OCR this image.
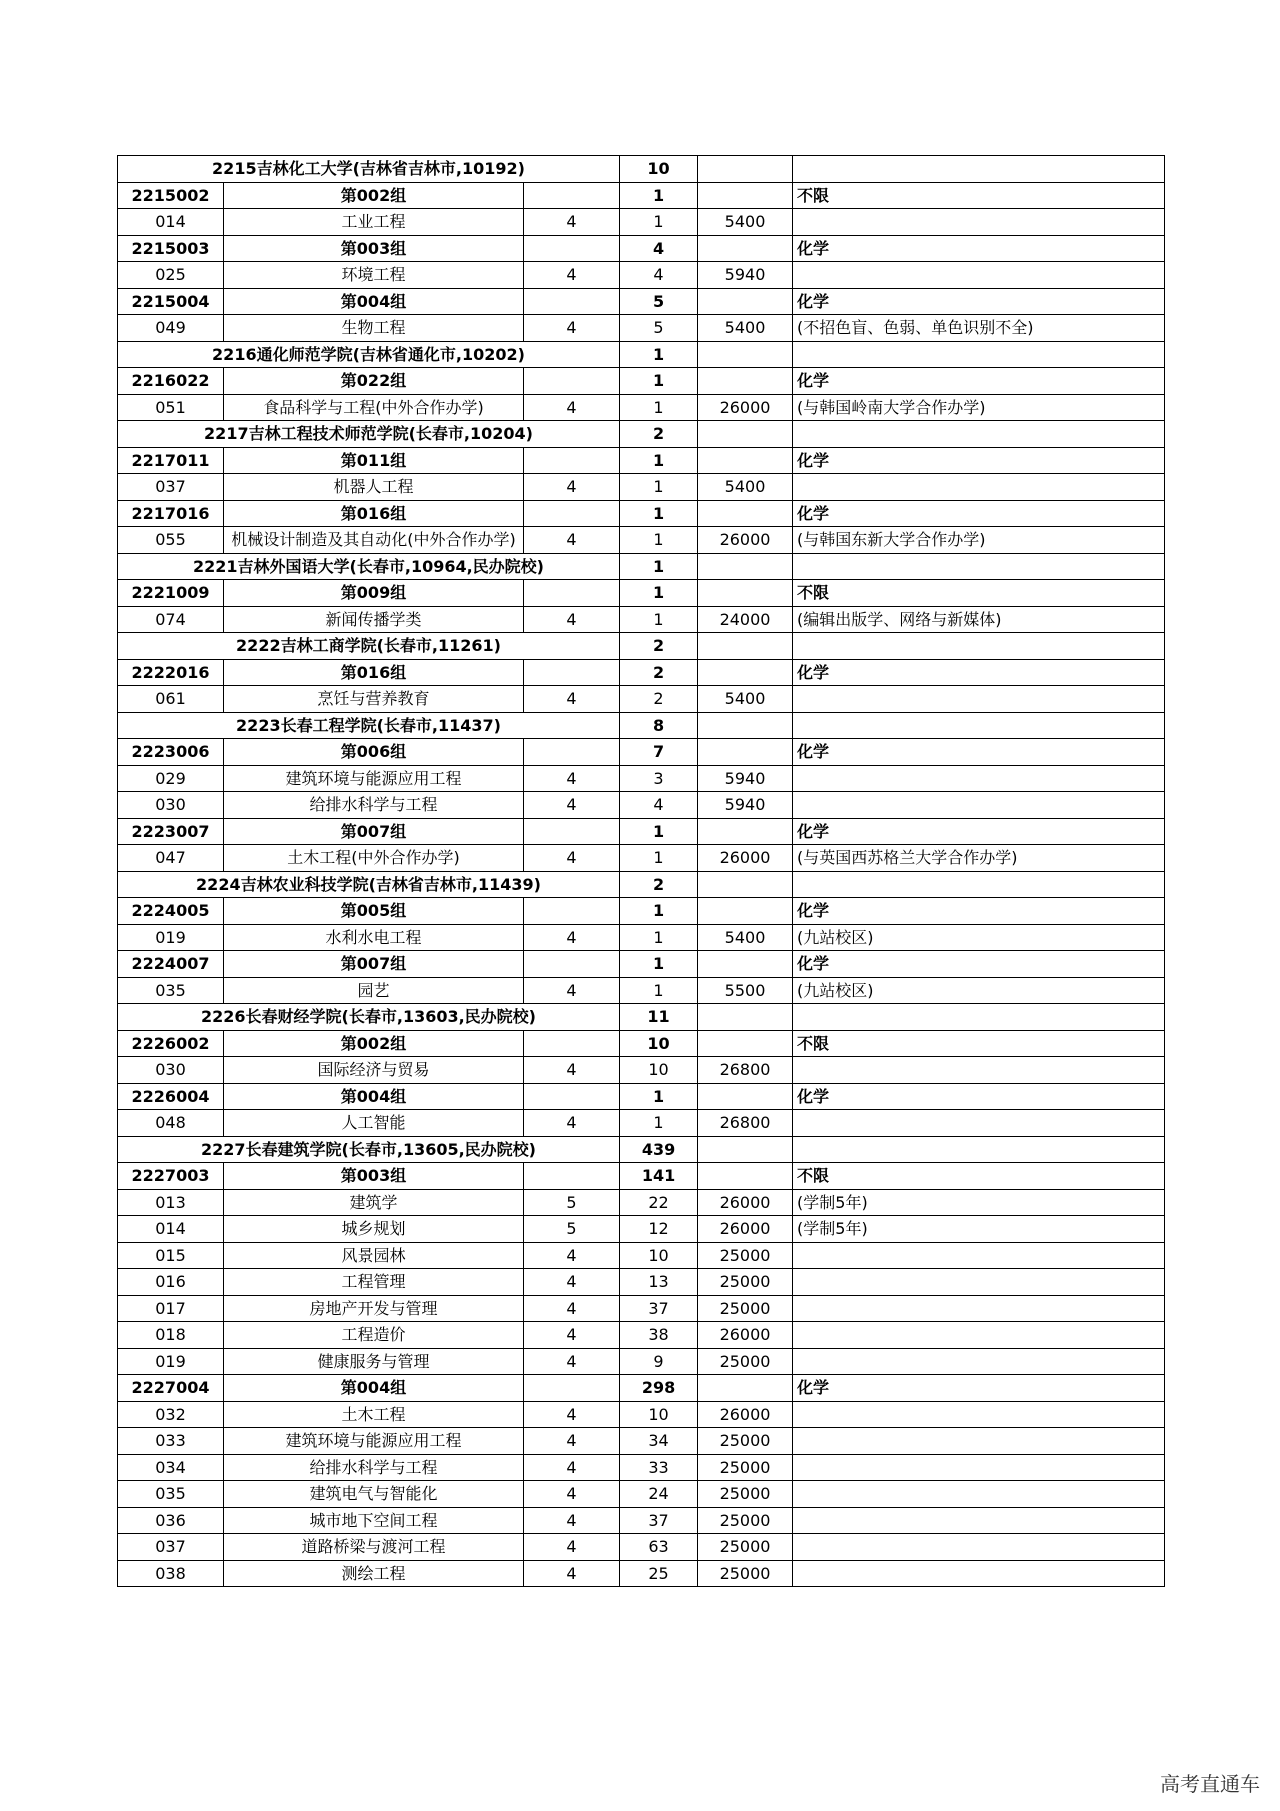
2215吉林化工大学(吉林省吉林市,10192)			10		
2215002	第002组		1		不限
014	工业工程	4	1	5400	
2215003	第003组		4		化学
025	环境工程	4	4	5940	
2215004	第004组		5		化学
049	生物工程	4	5	5400	(不招色盲、色弱、单色识别不全)
2216通化师范学院(吉林省通化市,10202)			1		
2216022	第022组		1		化学
051	食品科学与工程(中外合作办学)	4	1	26000	(与韩国岭南大学合作办学)
2217吉林工程技术师范学院(长春市,10204)			2		
2217011	第011组		1		化学
037	机器人工程	4	1	5400	
2217016	第016组		1		化学
055	机械设计制造及其自动化(中外合作办学)	4	1	26000	(与韩国东新大学合作办学)
2221吉林外国语大学(长春市,10964,民办院校)			1		
2221009	第009组		1		不限
074	新闻传播学类	4	1	24000	(编辑出版学、网络与新媒体)
2222吉林工商学院(长春市,11261)			2		
2222016	第016组		2		化学
061	烹饪与营养教育	4	2	5400	
2223长春工程学院(长春市,11437)			8		
2223006	第006组		7		化学
029	建筑环境与能源应用工程	4	3	5940	
030	给排水科学与工程	4	4	5940	
2223007	第007组		1		化学
047	土木工程(中外合作办学)	4	1	26000	(与英国西苏格兰大学合作办学)
2224吉林农业科技学院(吉林省吉林市,11439)			2		
2224005	第005组		1		化学
019	水利水电工程	4	1	5400	(九站校区)
2224007	第007组		1		化学
035	园艺	4	1	5500	(九站校区)
2226长春财经学院(长春市,13603,民办院校)			11		
2226002	第002组		10		不限
030	国际经济与贸易	4	10	26800	
2226004	第004组		1		化学
048	人工智能	4	1	26800	
2227长春建筑学院(长春市,13605,民办院校)			439		
2227003	第003组		141		不限
013	建筑学	5	22	26000	(学制5年)
014	城乡规划	5	12	26000	(学制5年)
015	风景园林	4	10	25000	
016	工程管理	4	13	25000	
017	房地产开发与管理	4	37	25000	
018	工程造价	4	38	26000	
019	健康服务与管理	4	9	25000	
2227004	第004组		298		化学
032	土木工程	4	10	26000	
033	建筑环境与能源应用工程	4	34	25000	
034	给排水科学与工程	4	33	25000	
035	建筑电气与智能化	4	24	25000	
036	城市地下空间工程	4	37	25000	
037	道路桥梁与渡河工程	4	63	25000	
038	测绘工程	4	25	25000	
高考直通车
